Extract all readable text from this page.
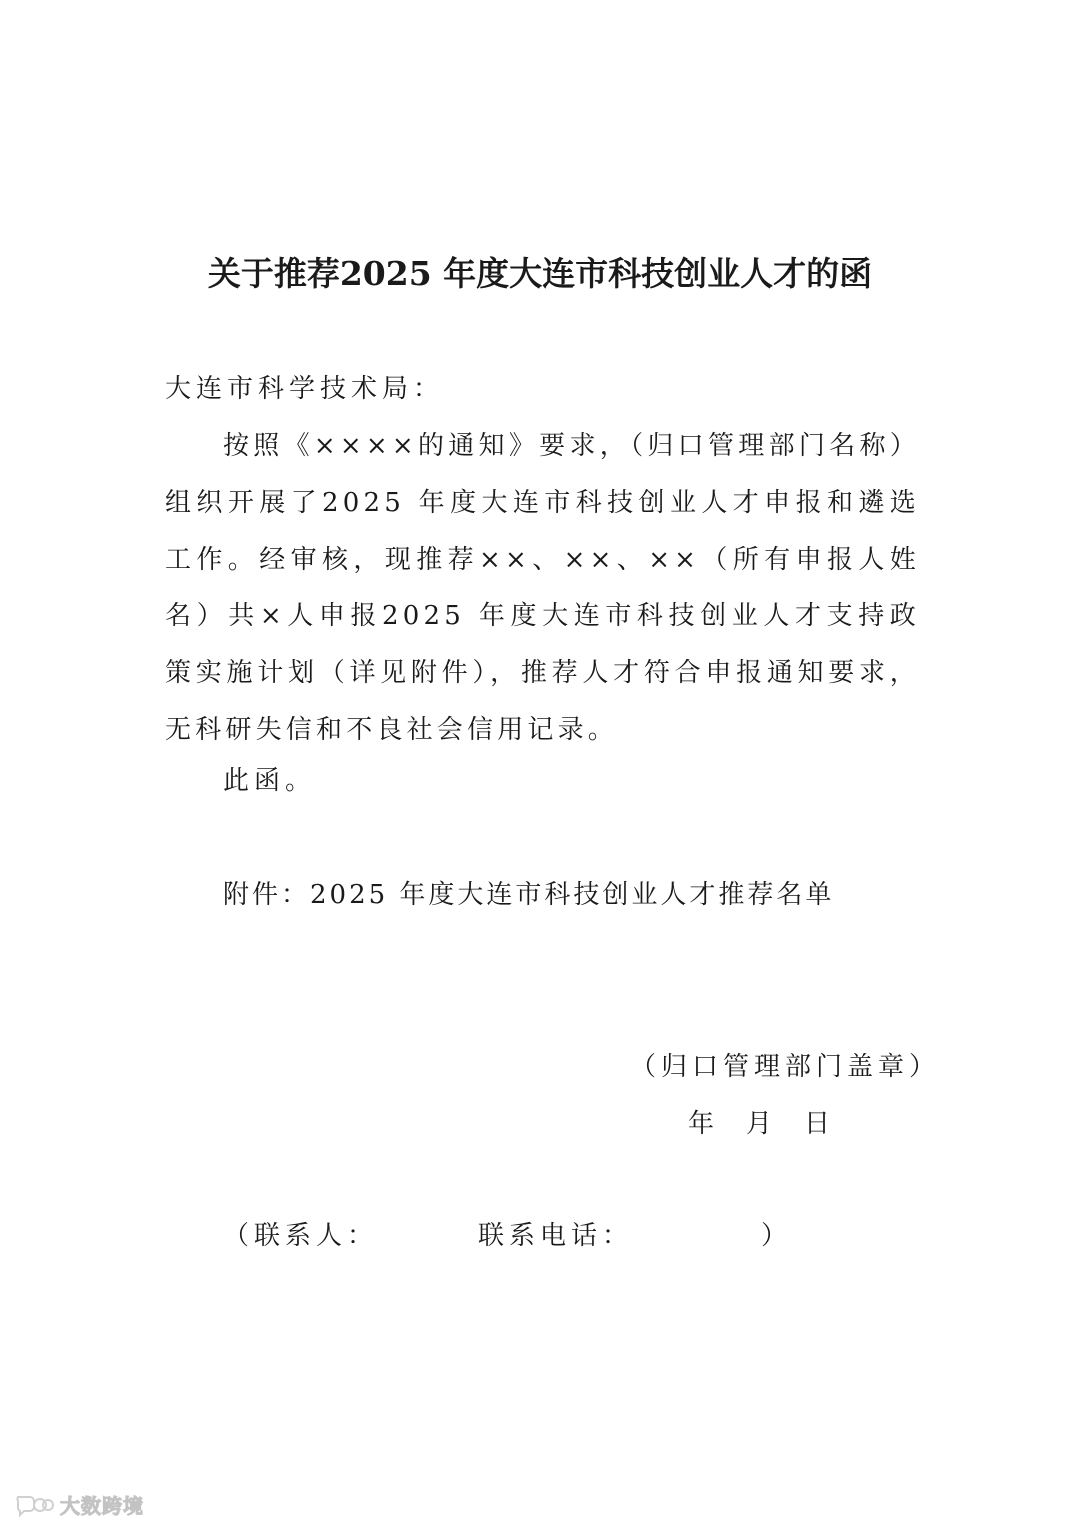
关于推荐2025 年度大连市科技创业人才的函
大连市科学技术局：
按照《××××的通知》要求，（归口管理部门名称）组织开展了2025 年度大连市科技创业人才申报和遴选工作。经审核，现推荐××、××、××（所有申报人姓名）共×人申报2025 年度大连市科技创业人才支持政策实施计划（详见附件），推荐人才符合申报通知要求，无科研失信和不良社会信用记录。
此函。
附件：2025 年度大连市科技创业人才推荐名单
（归口管理部门盖章）
年 月 日
（联系人：	联系电话：	）
大数跨境
